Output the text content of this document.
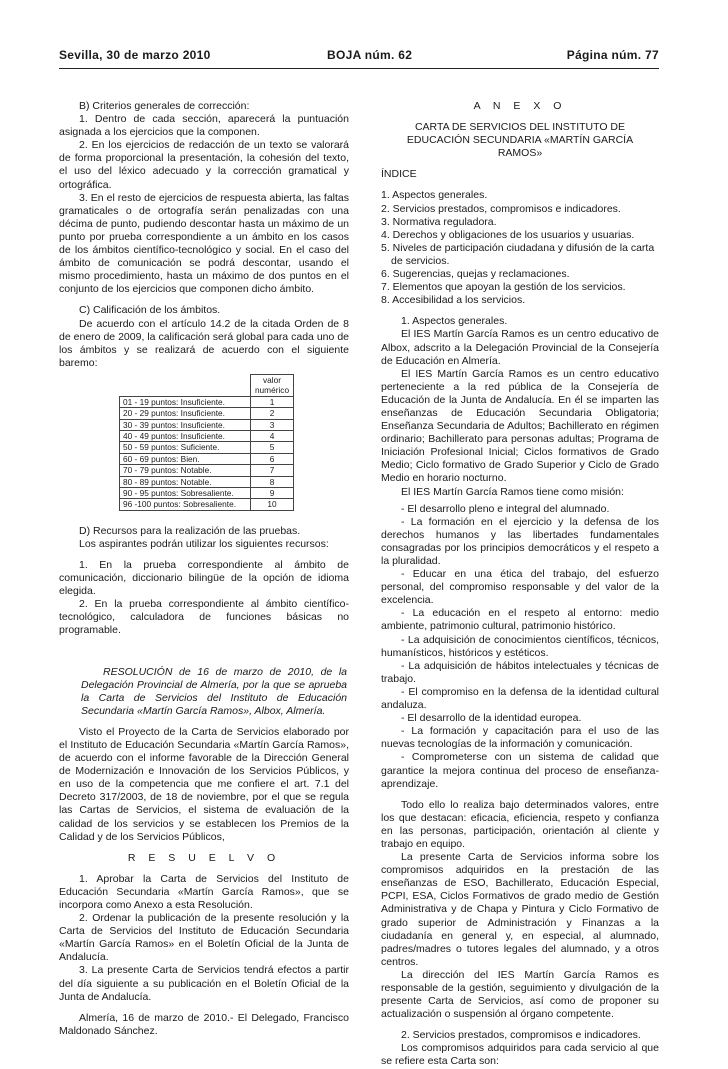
Sevilla, 30 de marzo 2010	BOJA núm. 62	Página núm. 77

B) Criterios generales de corrección:

1. Dentro de cada sección, aparecerá la puntuación asignada a los ejercicios que la componen.

2. En los ejercicios de redacción de un texto se valorará de forma proporcional la presentación, la cohesión del texto, el uso del léxico adecuado y la corrección gramatical y ortográfica.

3. En el resto de ejercicios de respuesta abierta, las faltas gramaticales o de ortografía serán penalizadas con una décima de punto, pudiendo descontar hasta un máximo de un punto por prueba correspondiente a un ámbito en los casos de los ámbitos científico-tecnológico y social. En el caso del ámbito de comunicación se podrá descontar, usando el mismo procedimiento, hasta un máximo de dos puntos en el conjunto de los ejercicios que componen dicho ámbito.

C) Calificación de los ámbitos.

De acuerdo con el artículo 14.2 de la citada Orden de 8 de enero de 2009, la calificación será global para cada uno de los ámbitos y se realizará de acuerdo con el siguiente baremo:

	valor
numérico
01 - 19 puntos: Insuficiente.	1
20 - 29 puntos: Insuficiente.	2
30 - 39 puntos: Insuficiente.	3
40 - 49 puntos: Insuficiente.	4
50 - 59 puntos: Suficiente.	5
60 - 69 puntos: Bien.	6
70 - 79 puntos: Notable.	7
80 - 89 puntos: Notable.	8
90 - 95 puntos: Sobresaliente.	9
96 -100 puntos: Sobresaliente.	10

D) Recursos para la realización de las pruebas.

Los aspirantes podrán utilizar los siguientes recursos:

1. En la prueba correspondiente al ámbito de comunicación, diccionario bilingüe de la opción de idioma elegida.

2. En la prueba correspondiente al ámbito científico-tecnológico, calculadora de funciones básicas no programable.

RESOLUCIÓN de 16 de marzo de 2010, de la Delegación Provincial de Almería, por la que se aprueba la Carta de Servicios del Instituto de Educación Secundaria «Martín García Ramos», Albox, Almería.

Visto el Proyecto de la Carta de Servicios elaborado por el Instituto de Educación Secundaria «Martín García Ramos», de acuerdo con el informe favorable de la Dirección General de Modernización e Innovación de los Servicios Públicos, y en uso de la competencia que me confiere el art. 7.1 del Decreto 317/2003, de 18 de noviembre, por el que se regula las Cartas de Servicios, el sistema de evaluación de la calidad de los servicios y se establecen los Premios de la Calidad y de los Servicios Públicos,

R E S U E L V O

1. Aprobar la Carta de Servicios del Instituto de Educación Secundaria «Martín García Ramos», que se incorpora como Anexo a esta Resolución.

2. Ordenar la publicación de la presente resolución y la Carta de Servicios del Instituto de Educación Secundaria «Martín García Ramos» en el Boletín Oficial de la Junta de Andalucía.

3. La presente Carta de Servicios tendrá efectos a partir del día siguiente a su publicación en el Boletín Oficial de la Junta de Andalucía.

Almería, 16 de marzo de 2010.- El Delegado, Francisco Maldonado Sánchez.

A N E X O

CARTA DE SERVICIOS DEL INSTITUTO DE EDUCACIÓN SECUNDARIA «MARTÍN GARCÍA RAMOS»

ÍNDICE

1. Aspectos generales.

2. Servicios prestados, compromisos e indicadores.

3. Normativa reguladora.

4. Derechos y obligaciones de los usuarios y usuarias.

5. Niveles de participación ciudadana y difusión de la carta de servicios.

6. Sugerencias, quejas y reclamaciones.

7. Elementos que apoyan la gestión de los servicios.

8. Accesibilidad a los servicios.

1. Aspectos generales.

El IES Martín García Ramos es un centro educativo de Albox, adscrito a la Delegación Provincial de la Consejería de Educación en Almería.

El IES Martín García Ramos es un centro educativo perteneciente a la red pública de la Consejería de Educación de la Junta de Andalucía. En él se imparten las enseñanzas de Educación Secundaria Obligatoria; Enseñanza Secundaria de Adultos; Bachillerato en régimen ordinario; Bachillerato para personas adultas; Programa de Iniciación Profesional Inicial; Ciclos formativos de Grado Medio; Ciclo formativo de Grado Superior y Ciclo de Grado Medio en horario nocturno.

El IES Martín García Ramos tiene como misión:

- El desarrollo pleno e integral del alumnado.

- La formación en el ejercicio y la defensa de los derechos humanos y las libertades fundamentales consagradas por los principios democráticos y el respeto a la pluralidad.

- Educar en una ética del trabajo, del esfuerzo personal, del compromiso responsable y del valor de la excelencia.

- La educación en el respeto al entorno: medio ambiente, patrimonio cultural, patrimonio histórico.

- La adquisición de conocimientos científicos, técnicos, humanísticos, históricos y estéticos.

- La adquisición de hábitos intelectuales y técnicas de trabajo.

- El compromiso en la defensa de la identidad cultural andaluza.

- El desarrollo de la identidad europea.

- La formación y capacitación para el uso de las nuevas tecnologías de la información y comunicación.

- Comprometerse con un sistema de calidad que garantice la mejora continua del proceso de enseñanza-aprendizaje.

Todo ello lo realiza bajo determinados valores, entre los que destacan: eficacia, eficiencia, respeto y confianza en las personas, participación, orientación al cliente y trabajo en equipo.

La presente Carta de Servicios informa sobre los compromisos adquiridos en la prestación de las enseñanzas de ESO, Bachillerato, Educación Especial, PCPI, ESA, Ciclos Formativos de grado medio de Gestión Administrativa y de Chapa y Pintura y Ciclo Formativo de grado superior de Administración y Finanzas a la ciudadanía en general y, en especial, al alumnado, padres/madres o tutores legales del alumnado, y a otros centros.

La dirección del IES Martín García Ramos es responsable de la gestión, seguimiento y divulgación de la presente Carta de Servicios, así como de proponer su actualización o suspensión al órgano competente.

2. Servicios prestados, compromisos e indicadores.

Los compromisos adquiridos para cada servicio al que se refiere esta Carta son:
